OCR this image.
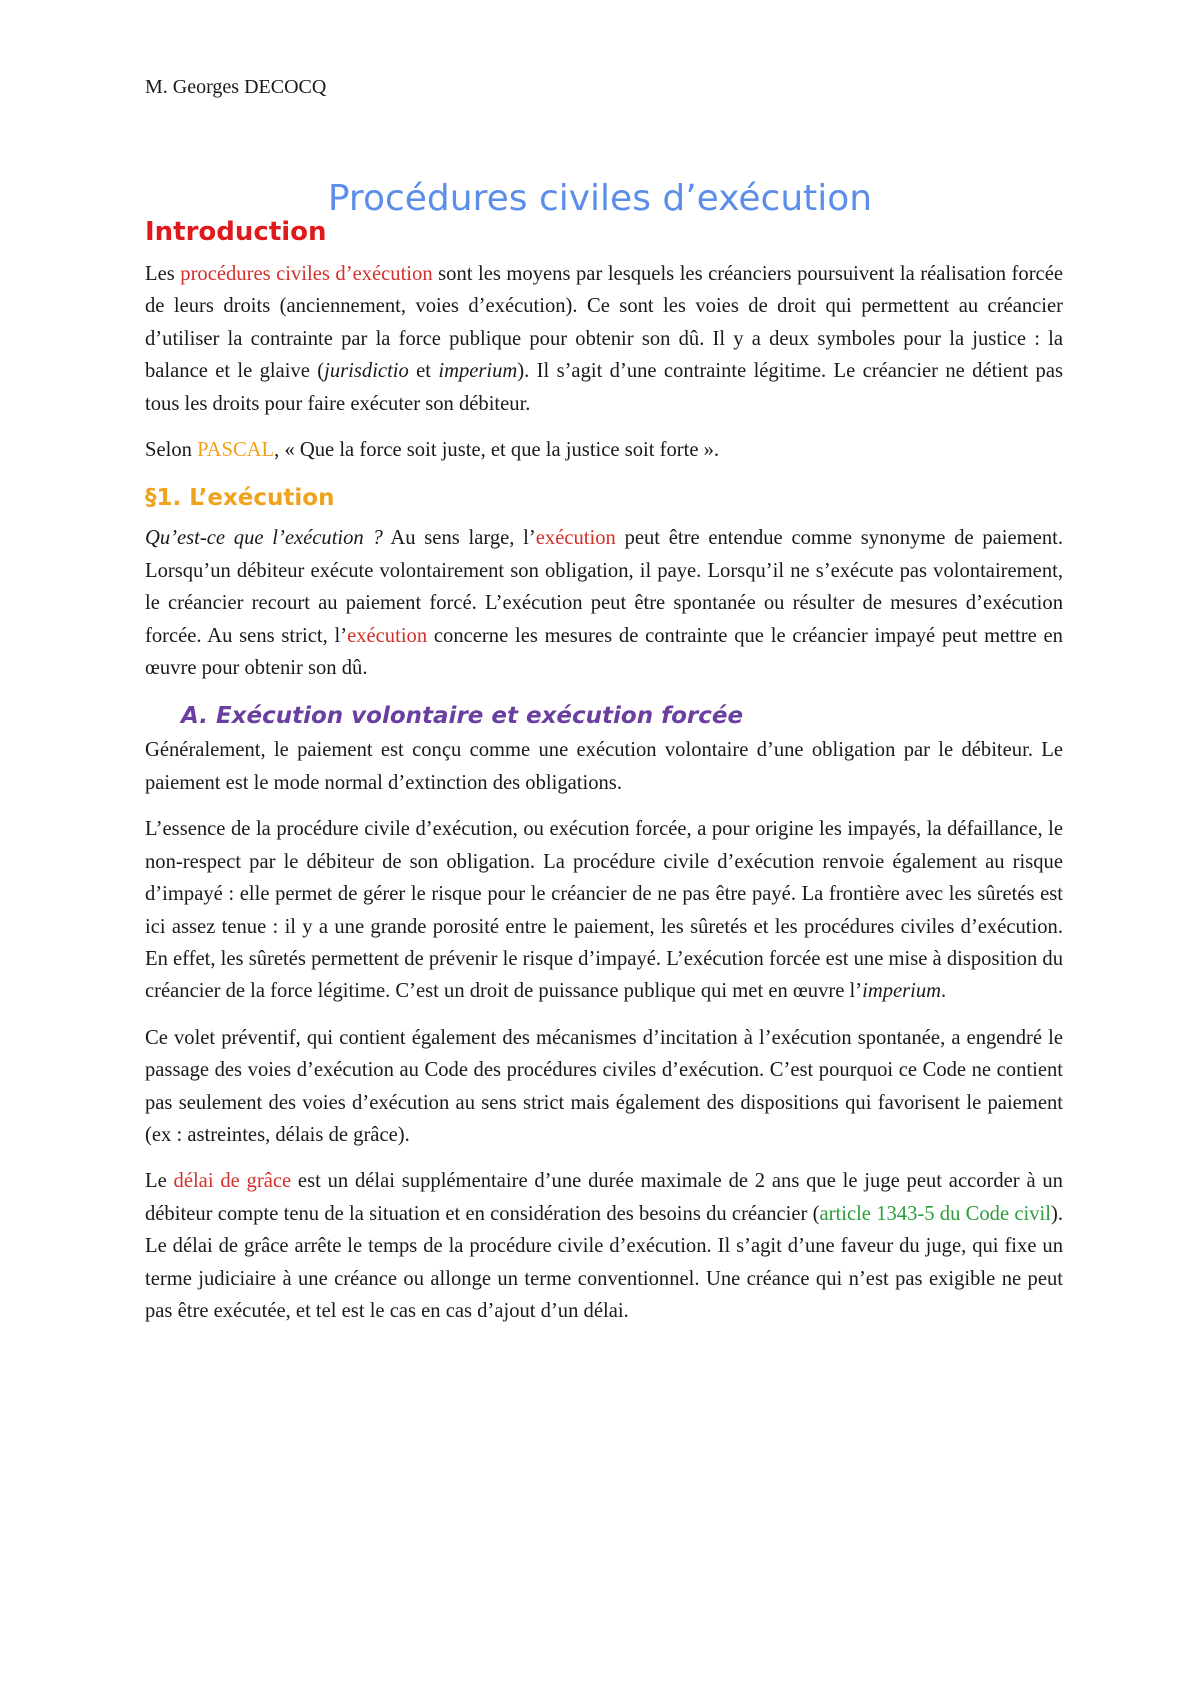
M. Georges DECOCQ
Procédures civiles d’exécution
Introduction

Les procédures civiles d’exécution sont les moyens par lesquels les créanciers poursuivent la réalisation forcée de leurs droits (anciennement, voies d’exécution). Ce sont les voies de droit qui permettent au créancier d’utiliser la contrainte par la force publique pour obtenir son dû. Il y a deux symboles pour la justice : la balance et le glaive (jurisdictio et imperium). Il s’agit d’une contrainte légitime. Le créancier ne détient pas tous les droits pour faire exécuter son débiteur.

Selon PASCAL, « Que la force soit juste, et que la justice soit forte ».

§1. L’exécution

Qu’est-ce que l’exécution ? Au sens large, l’exécution peut être entendue comme synonyme de paiement. Lorsqu’un débiteur exécute volontairement son obligation, il paye. Lorsqu’il ne s’exécute pas volontairement, le créancier recourt au paiement forcé. L’exécution peut être spontanée ou résulter de mesures d’exécution forcée. Au sens strict, l’exécution concerne les mesures de contrainte que le créancier impayé peut mettre en œuvre pour obtenir son dû.

A. Exécution volontaire et exécution forcée

Généralement, le paiement est conçu comme une exécution volontaire d’une obligation par le débiteur. Le paiement est le mode normal d’extinction des obligations.

L’essence de la procédure civile d’exécution, ou exécution forcée, a pour origine les impayés, la défaillance, le non-respect par le débiteur de son obligation. La procédure civile d’exécution renvoie également au risque d’impayé : elle permet de gérer le risque pour le créancier de ne pas être payé. La frontière avec les sûretés est ici assez tenue : il y a une grande porosité entre le paiement, les sûretés et les procédures civiles d’exécution. En effet, les sûretés permettent de prévenir le risque d’impayé. L’exécution forcée est une mise à disposition du créancier de la force légitime. C’est un droit de puissance publique qui met en œuvre l’imperium.

Ce volet préventif, qui contient également des mécanismes d’incitation à l’exécution spontanée, a engendré le passage des voies d’exécution au Code des procédures civiles d’exécution. C’est pourquoi ce Code ne contient pas seulement des voies d’exécution au sens strict mais également des dispositions qui favorisent le paiement (ex : astreintes, délais de grâce).

Le délai de grâce est un délai supplémentaire d’une durée maximale de 2 ans que le juge peut accorder à un débiteur compte tenu de la situation et en considération des besoins du créancier (article 1343-5 du Code civil). Le délai de grâce arrête le temps de la procédure civile d’exécution. Il s’agit d’une faveur du juge, qui fixe un terme judiciaire à une créance ou allonge un terme conventionnel. Une créance qui n’est pas exigible ne peut pas être exécutée, et tel est le cas en cas d’ajout d’un délai.
